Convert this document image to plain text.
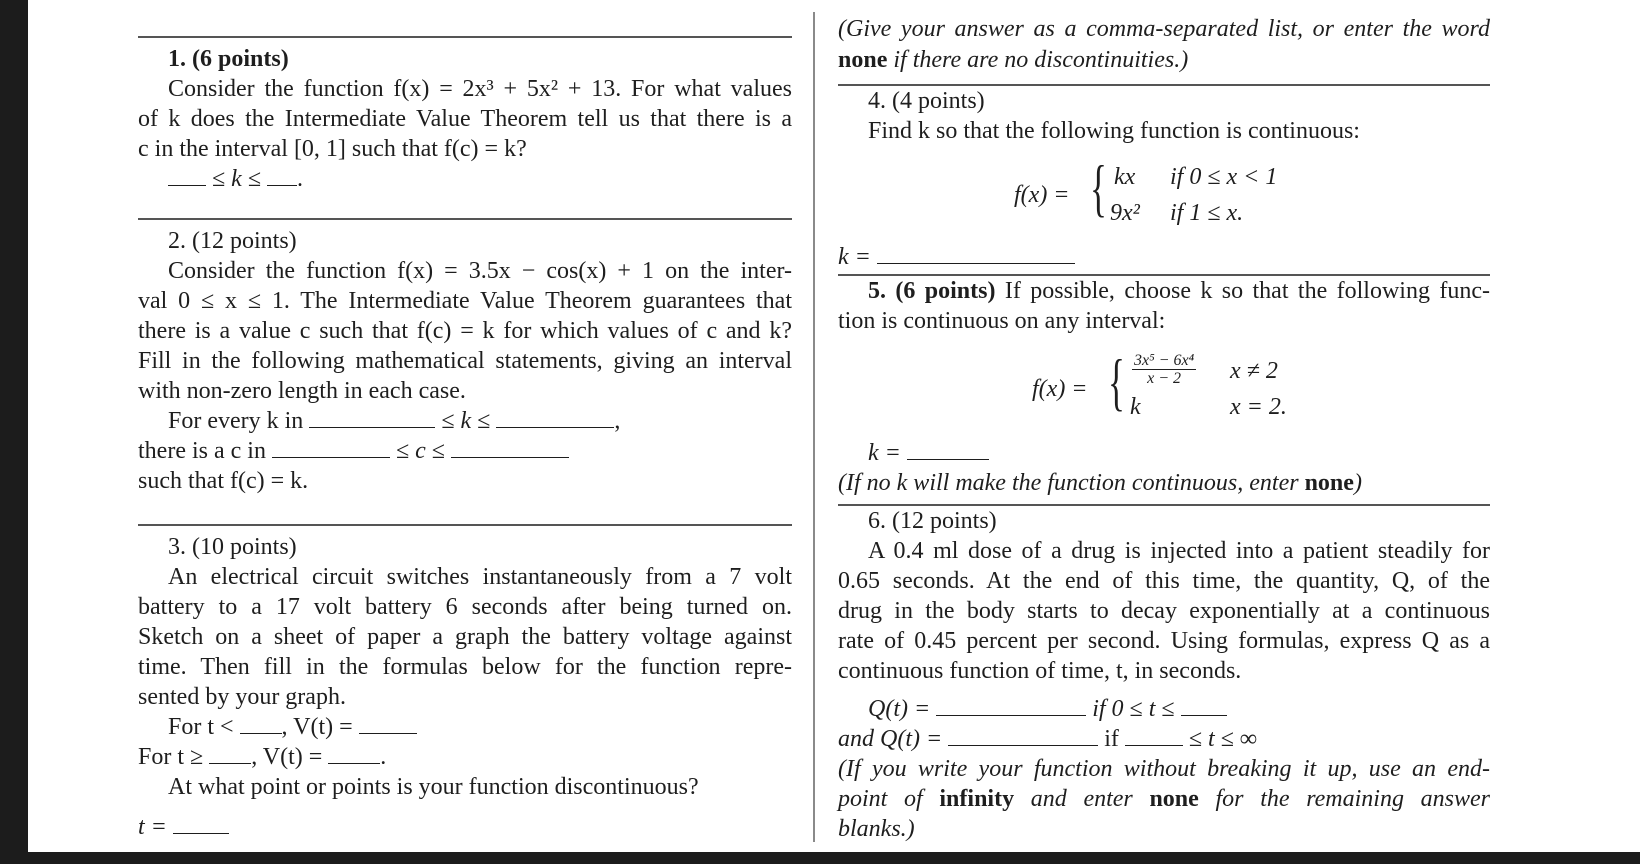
1. (6 points)
Consider the function f(x) = 2x³ + 5x² + 13. For what values
of k does the Intermediate Value Theorem tell us that there is a
c in the interval [0, 1] such that f(c) = k?
≤ k ≤ .
2. (12 points)
Consider the function f(x) = 3.5x − cos(x) + 1 on the inter-
val 0 ≤ x ≤ 1. The Intermediate Value Theorem guarantees that
there is a value c such that f(c) = k for which values of c and k?
Fill in the following mathematical statements, giving an interval
with non-zero length in each case.
For every k in	≤ k ≤	,
there is a c in	≤ c ≤
such that f(c) = k.
3. (10 points)
An electrical circuit switches instantaneously from a 7 volt
battery to a 17 volt battery 6 seconds after being turned on.
Sketch on a sheet of paper a graph the battery voltage against
time. Then fill in the formulas below for the function repre-
sented by your graph.
For t < , V(t) =
For t ≥ , V(t) = .
At what point or points is your function discontinuous?
t =
(Give your answer as a comma-separated list, or enter the word
none if there are no discontinuities.)
4. (4 points)
Find k so that the following function is continuous:
f(x) = { kx if 0 ≤ x < 1
9x² if 1 ≤ x.
k =
5. (6 points) If possible, choose k so that the following func-
tion is continuous on any interval:
f(x) = { $\frac{\text{3x⁵ − 6x⁴}}{x - 2}$ x ≠ 2
k	x = 2.
k =
(If no k will make the function continuous, enter none)
6. (12 points)
A 0.4 ml dose of a drug is injected into a patient steadily for
0.65 seconds. At the end of this time, the quantity, Q, of the
drug in the body starts to decay exponentially at a continuous
rate of 0.45 percent per second. Using formulas, express Q as a
continuous function of time, t, in seconds.
Q(t) =	if 0 ≤ t ≤
and Q(t) =	if	≤ t ≤ ∞
(If you write your function without breaking it up, use an end-
point of infinity and enter none for the remaining answer
blanks.)
